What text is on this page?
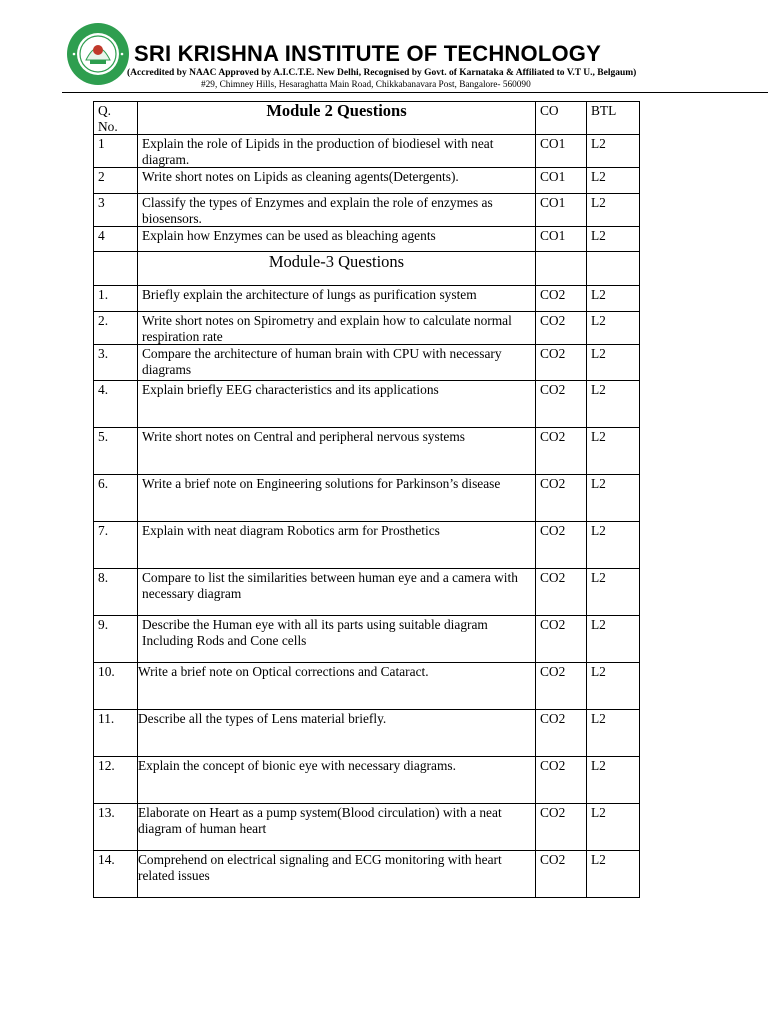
SRI KRISHNA INSTITUTE OF TECHNOLOGY
(Accredited by NAAC Approved by A.I.C.T.E. New Delhi, Recognised by Govt. of Karnataka & Affiliated to V.T U., Belgaum)
#29, Chimney Hills, Hesaraghatta Main Road, Chikkabanavara Post, Bangalore- 560090
Q. No.	Module 2 Questions	CO	BTL
1	Explain the role of Lipids in the production of biodiesel with neat diagram.	CO1	L2
2	Write short notes on Lipids as cleaning agents(Detergents).	CO1	L2
3	Classify the types of Enzymes and explain the role of enzymes as biosensors.	CO1	L2
4	Explain how Enzymes can be used as bleaching agents	CO1	L2
	Module-3 Questions		
1.	Briefly explain the architecture of lungs as purification system	CO2	L2
2.	Write short notes on Spirometry and explain how to calculate normal respiration rate	CO2	L2
3.	Compare the architecture of human brain with CPU with necessary diagrams	CO2	L2
4.	Explain briefly EEG characteristics and its applications	CO2	L2
5.	Write short notes on Central and peripheral nervous systems	CO2	L2
6.	Write a brief note on Engineering solutions for Parkinson’s disease	CO2	L2
7.	Explain with neat diagram Robotics arm for Prosthetics	CO2	L2
8.	Compare to list the similarities between human eye and a camera with necessary diagram	CO2	L2
9.	Describe the Human eye with all its parts using suitable diagram Including Rods and Cone cells	CO2	L2
10.	Write a brief note on Optical corrections and Cataract.	CO2	L2
11.	Describe all the types of Lens material briefly.	CO2	L2
12.	Explain the concept of bionic eye with necessary diagrams.	CO2	L2
13.	Elaborate on Heart as a pump system(Blood circulation) with a neat diagram of human heart	CO2	L2
14.	Comprehend on electrical signaling and ECG monitoring with heart related issues	CO2	L2
